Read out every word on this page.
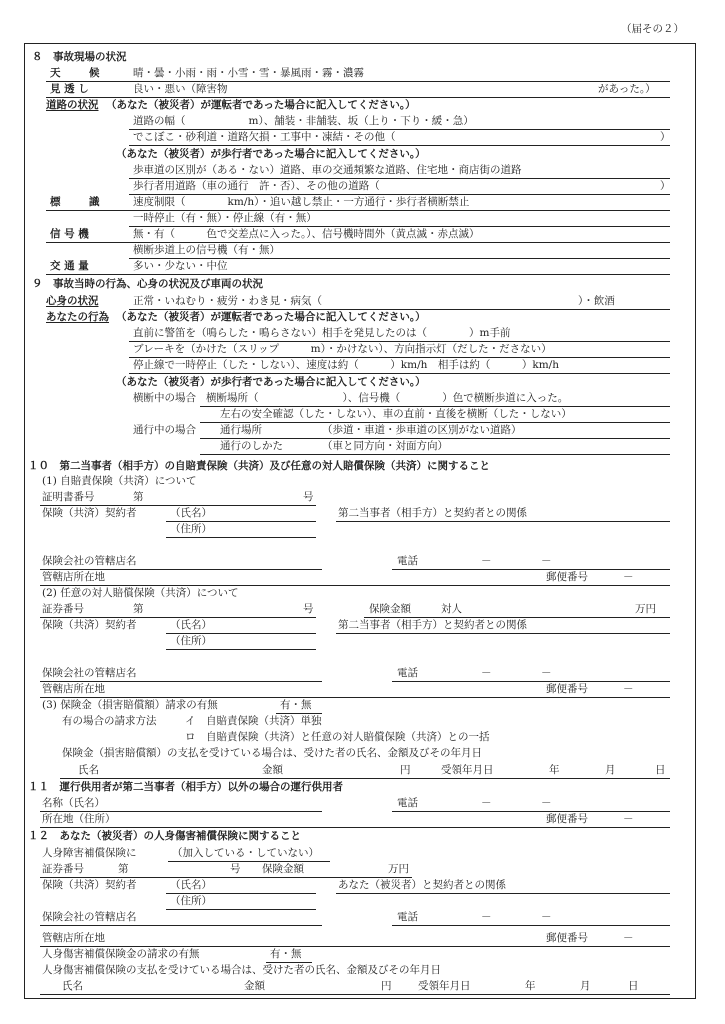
（届その２）
８　事故現場の状況
天　候 晴・曇・小雨・雨・小雪・雪・暴風雨・霧・濃霧
見 透 し	良い・悪い（障害物	があった。）
道路の状況 （あなた（被災者）が運転者であった場合に記入してください。）
道路の幅（　　　　　　m）、舗装・非舗装、坂（上り・下り・緩・急）
でこぼこ・砂利道・道路欠損・工事中・凍結・その他（	）
（あなた（被災者）が歩行者であった場合に記入してください。）
歩車道の区別が（ある・ない）道路、車の交通頻繁な道路、住宅地・商店街の道路
歩行者用道路（車の通行　許・否）、その他の道路（	）
標　識 速度制限（　　　　km/h）・追い越し禁止・一方通行・歩行者横断禁止
一時停止（有・無）・停止線（有・無）
信 号 機	無・有（　　　色で交差点に入った。）、信号機時間外（黄点滅・赤点滅）
横断歩道上の信号機（有・無）
交 通 量	多い・少ない・中位
９　事故当時の行為、心身の状況及び車両の状況
心身の状況	正常・いねむり・疲労・わき見・病気（	）・飲酒
あなたの行為 （あなた（被災者）が運転者であった場合に記入してください。）
直前に警笛を（鳴らした・鳴らさない）相手を発見したのは（　　　　）m手前
ブレーキを（かけた（スリップ　　　m）・かけない）、方向指示灯（だした・ださない）
停止線で一時停止（した・しない）、速度は約（　　　）km/h　相手は約（　　　）km/h
（あなた（被災者）が歩行者であった場合に記入してください。）
横断中の場合 横断場所（　　　　　　　　）、信号機（　　　　）色で横断歩道に入った。
左右の安全確認（した・しない）、車の直前・直後を横断（した・しない）
通行中の場合 通行場所	（歩道・車道・歩車道の区別がない道路）
通行のしかた	（車と同方向・対面方向）
１０　第二当事者（相手方）の自賠責保険（共済）及び任意の対人賠償保険（共済）に関すること
(1) 自賠責保険（共済）について
証明書番号	第	号
保険（共済）契約者	（氏名）	第二当事者（相手方）と契約者との関係
（住所）
保険会社の管轄店名	電話	－	－
管轄店所在地	郵便番号	－
(2) 任意の対人賠償保険（共済）について
証券番号	第	号	保険金額	対人	万円
保険（共済）契約者	（氏名）	第二当事者（相手方）と契約者との関係
（住所）
保険会社の管轄店名	電話	－	－
管轄店所在地	郵便番号	－
(3) 保険金（損害賠償額）請求の有無	有・無
有の場合の請求方法	イ　自賠責保険（共済）単独
ロ　自賠責保険（共済）と任意の対人賠償保険（共済）との一括
保険金（損害賠償額）の支払を受けている場合は、受けた者の氏名、金額及びその年月日
氏名	金額	円	受領年月日	年	月	日
１１　運行供用者が第二当事者（相手方）以外の場合の運行供用者
名称（氏名）	電話	－	－
所在地（住所）	郵便番号	－
１２　あなた（被災者）の人身傷害補償保険に関すること
人身障害補償保険に	（加入している・していない）
証券番号	第	号 保険金額	万円
保険（共済）契約者	（氏名）	あなた（被災者）と契約者との関係
（住所）
保険会社の管轄店名	電話	－	－
管轄店所在地	郵便番号	－
人身傷害補償保険金の請求の有無	有・無
人身傷害補償保険の支払を受けている場合は、受けた者の氏名、金額及びその年月日
氏名	金額	円	受領年月日	年	月	日
